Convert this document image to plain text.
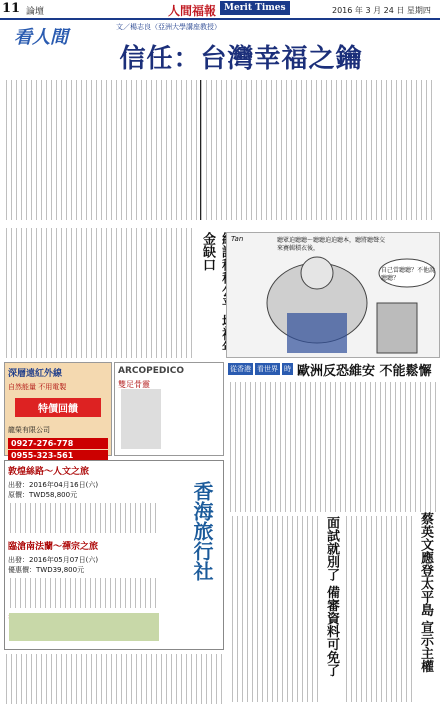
11 論壇	人間福報 Merit Times	2016 年 3 月 24 日 星期四
看人間	文／楊志良（亞洲大學講座教授）
信任：台灣幸福之鑰
金缺口
Tan	聽眾迫聽聽～聽聽迫迫聽本，聽將聽聲交來賽輯積衣後，
自己當聽聽？不他說聽聽？
深層遠紅外線
自然能量 不用電製
特價回饋
龍榮有限公司
0927-276-778
0955-323-561
ARCOPEDICO
雙足骨靈
敦煌絲路～人文之旅
出發：2016年04月16日(六)
原價：TWD58,800元
臨滄南法蘭～禪宗之旅
出發：2016年05月07日(六)
優惠價：TWD39,800元	香海旅行社
從香港 看世界 時 歐洲反恐維安 不能鬆懈
面試就別了 備審資料可免了	蔡英文應登太平島 宣示主權
